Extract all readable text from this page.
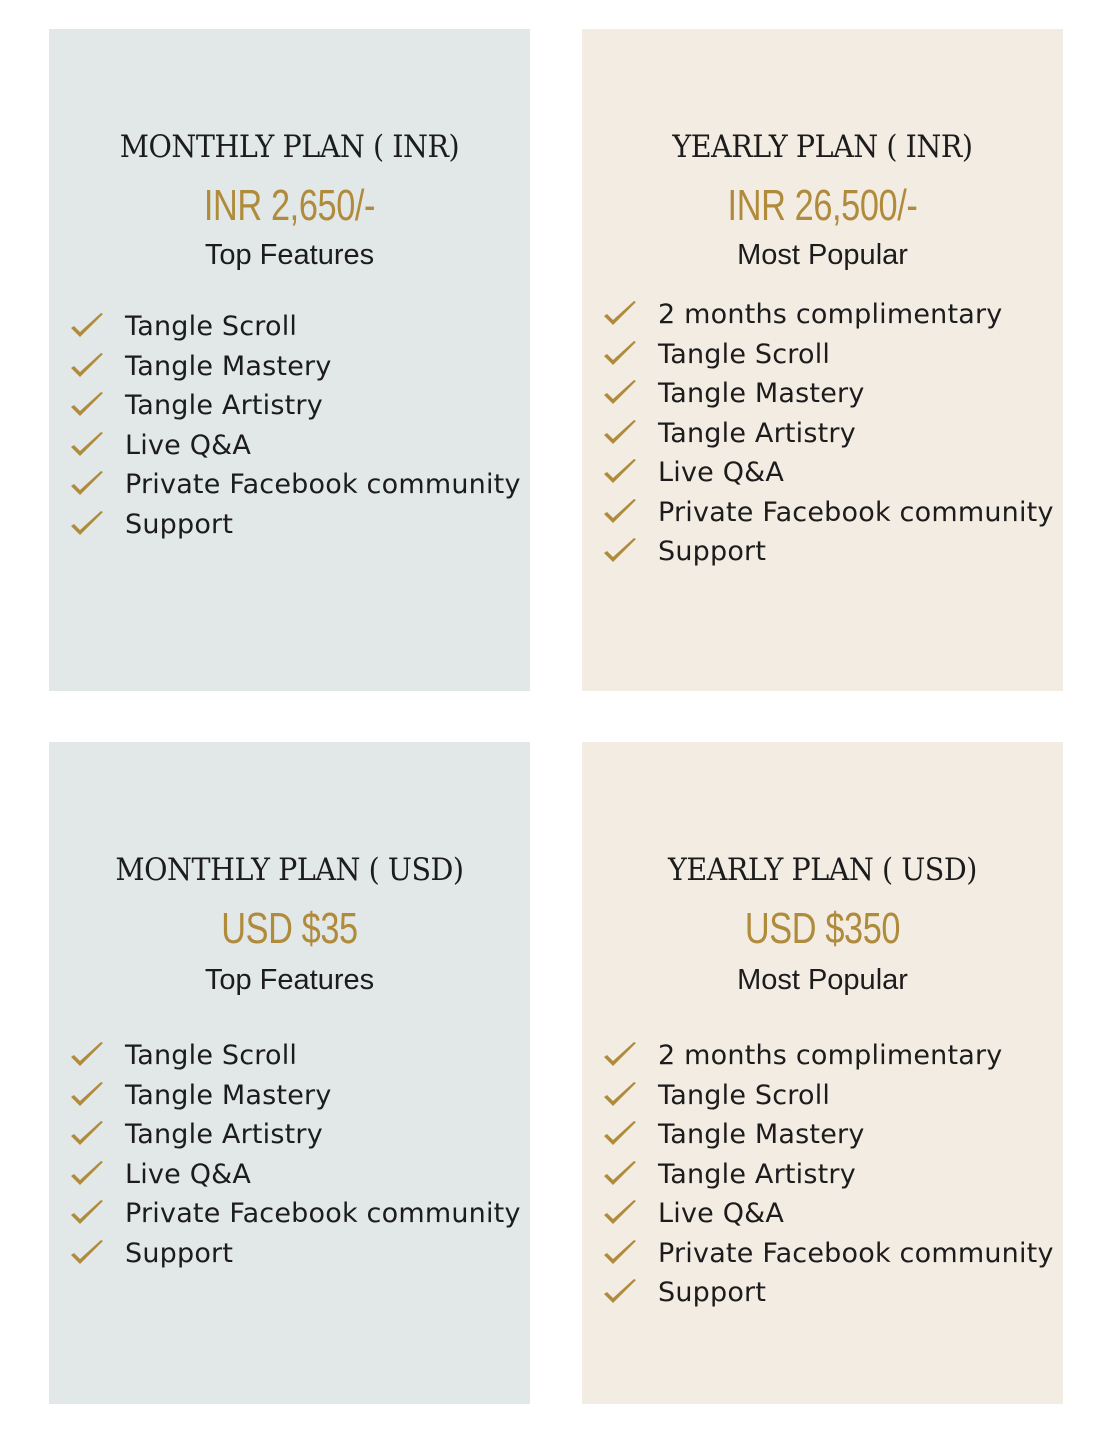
MONTHLY PLAN ( INR)
INR 2,650/-
Top Features
Tangle Scroll
Tangle Mastery
Tangle Artistry
Live Q&A
Private Facebook community
Support
YEARLY PLAN ( INR)
INR 26,500/-
Most Popular
2 months complimentary
Tangle Scroll
Tangle Mastery
Tangle Artistry
Live Q&A
Private Facebook community
Support
MONTHLY PLAN ( USD)
USD $35
Top Features
Tangle Scroll
Tangle Mastery
Tangle Artistry
Live Q&A
Private Facebook community
Support
YEARLY PLAN ( USD)
USD $350
Most Popular
2 months complimentary
Tangle Scroll
Tangle Mastery
Tangle Artistry
Live Q&A
Private Facebook community
Support
